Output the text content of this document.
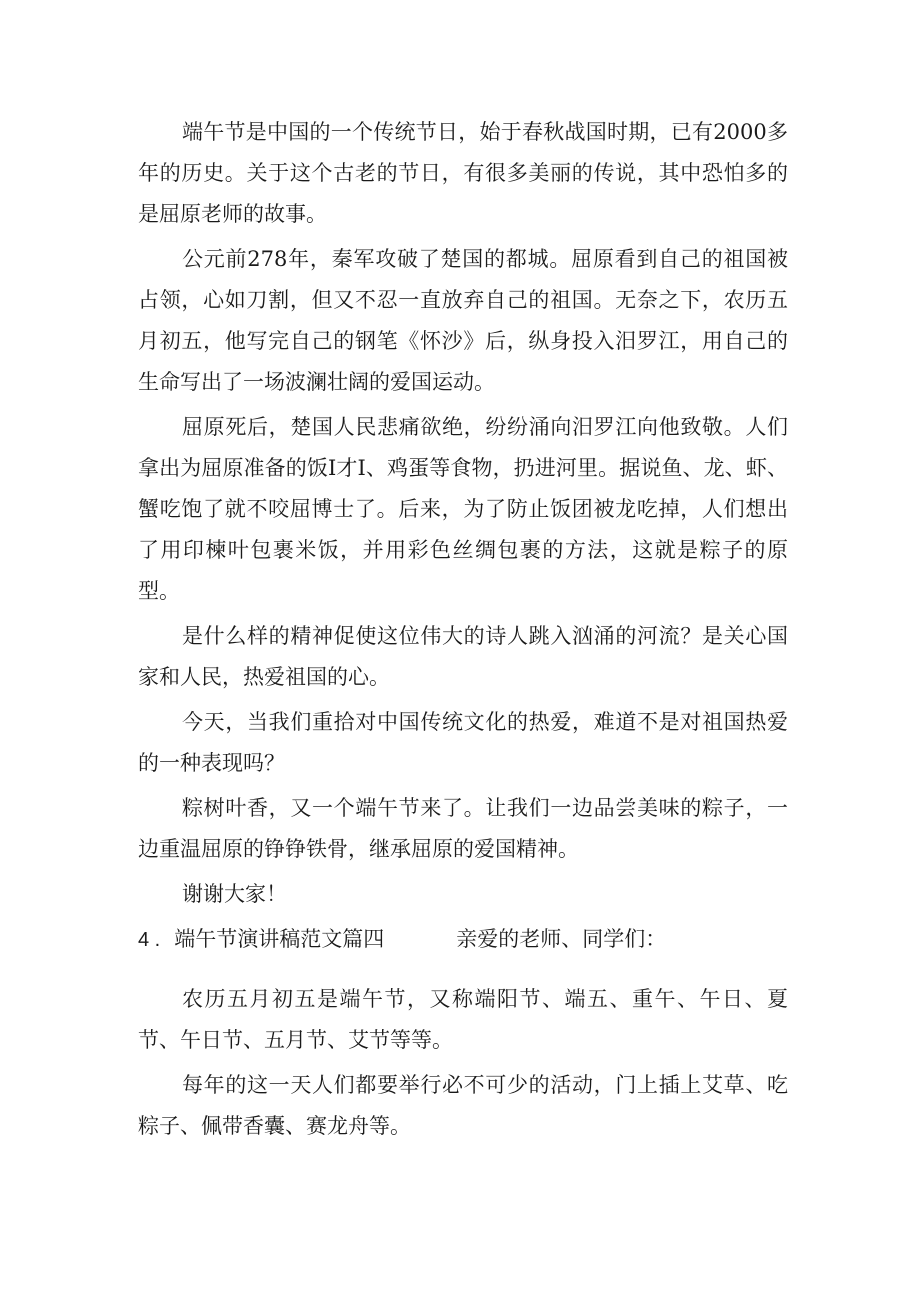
端午节是中国的一个传统节日，始于春秋战国时期，已有2000多年的历史。关于这个古老的节日，有很多美丽的传说，其中恐怕多的是屈原老师的故事。

公元前278年，秦军攻破了楚国的都城。屈原看到自己的祖国被占领，心如刀割，但又不忍一直放弃自己的祖国。无奈之下，农历五月初五，他写完自己的钢笔《怀沙》后，纵身投入汨罗江，用自己的生命写出了一场波澜壮阔的爱国运动。

屈原死后，楚国人民悲痛欲绝，纷纷涌向汨罗江向他致敬。人们拿出为屈原准备的饭I才I、鸡蛋等食物，扔进河里。据说鱼、龙、虾、蟹吃饱了就不咬屈博士了。后来，为了防止饭团被龙吃掉，人们想出了用印楝叶包裹米饭，并用彩色丝绸包裹的方法，这就是粽子的原型。

是什么样的精神促使这位伟大的诗人跳入汹涌的河流？是关心国家和人民，热爱祖国的心。

今天，当我们重拾对中国传统文化的热爱，难道不是对祖国热爱的一种表现吗？

粽树叶香，又一个端午节来了。让我们一边品尝美味的粽子，一边重温屈原的铮铮铁骨，继承屈原的爱国精神。

谢谢大家！

4 . 端午节演讲稿范文篇四	亲爱的老师、同学们：

农历五月初五是端午节，又称端阳节、端五、重午、午日、夏节、午日节、五月节、艾节等等。

每年的这一天人们都要举行必不可少的活动，门上插上艾草、吃粽子、佩带香囊、赛龙舟等。
